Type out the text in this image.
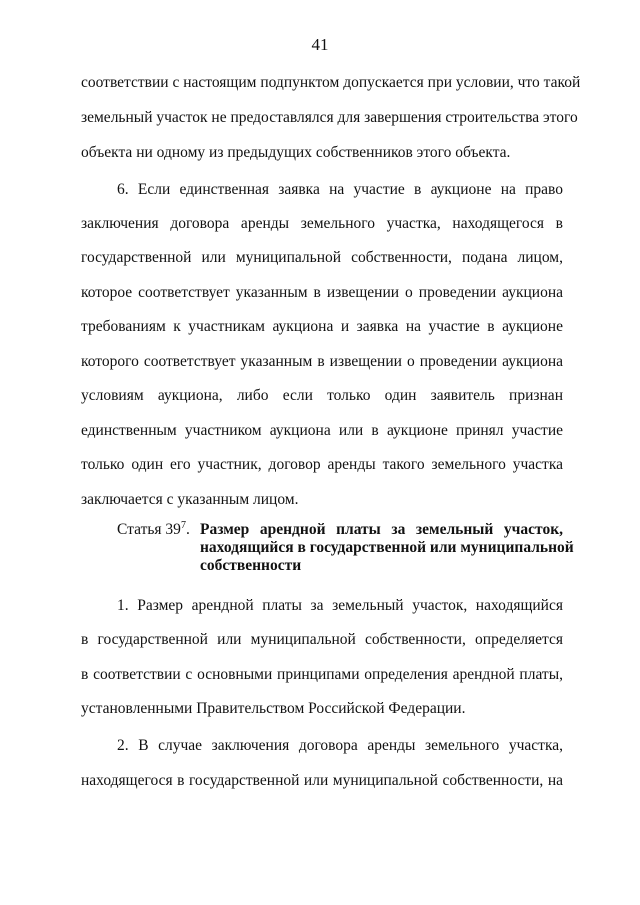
41
соответствии с настоящим подпунктом допускается при условии, что такой
земельный участок не предоставлялся для завершения строительства этого
объекта ни одному из предыдущих собственников этого объекта.
6. Если единственная заявка на участие в аукционе на право
заключения договора аренды земельного участка, находящегося в
государственной или муниципальной собственности, подана лицом,
которое соответствует указанным в извещении о проведении аукциона
требованиям к участникам аукциона и заявка на участие в аукционе
которого соответствует указанным в извещении о проведении аукциона
условиям аукциона, либо если только один заявитель признан
единственным участником аукциона или в аукционе принял участие
только один его участник, договор аренды такого земельного участка
заключается с указанным лицом.
Статья $39^7$. Размер арендной платы за земельный участок,
находящийся в государственной или муниципальной
собственности
1. Размер арендной платы за земельный участок, находящийся
в государственной или муниципальной собственности, определяется
в соответствии с основными принципами определения арендной платы,
установленными Правительством Российской Федерации.
2. В случае заключения договора аренды земельного участка,
находящегося в государственной или муниципальной собственности, на
